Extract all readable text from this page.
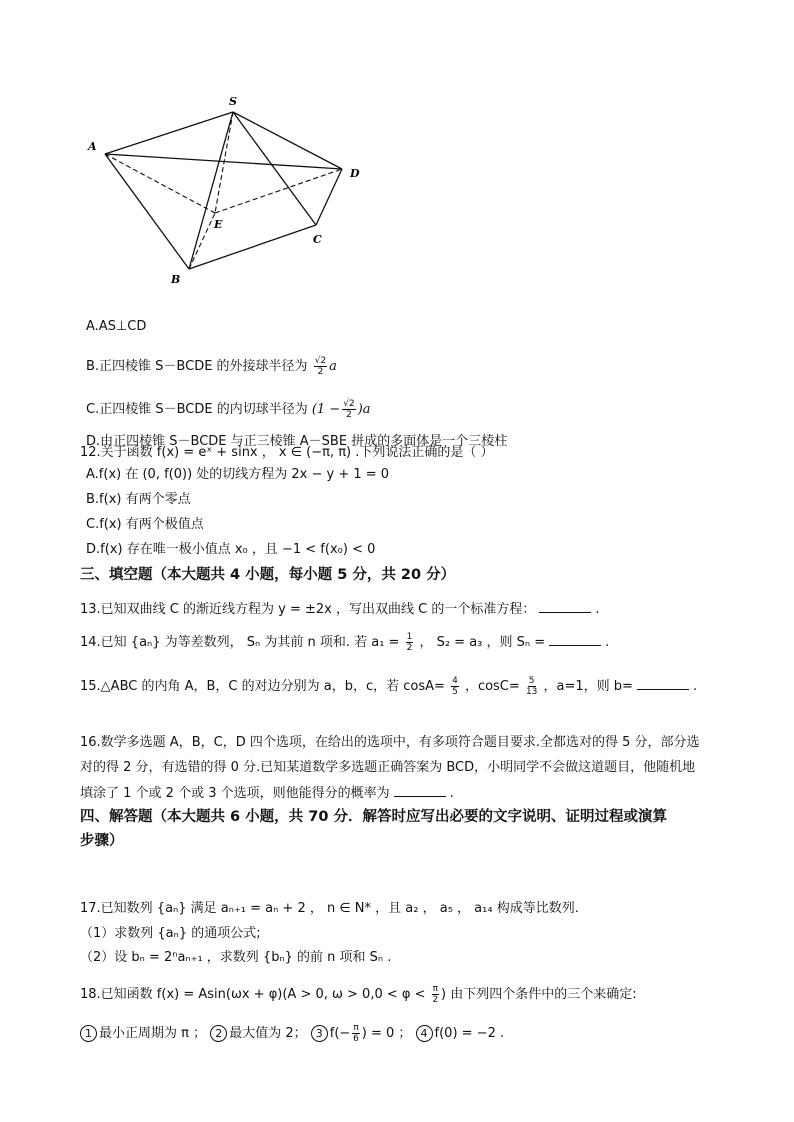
S
A
D
E
C
B
A.AS⊥CD
B.正四棱锥 S－BCDE 的外接球半径为 $\frac{√2}{2}$ a
C.正四棱锥 S－BCDE 的内切球半径为 $(1 - \frac{√2}{2} )a$
D.由正四棱锥 S－BCDE 与正三棱锥 A－SBE 拼成的多面体是一个三棱柱
12.关于函数 f(x) = eˣ + sinx ， x ∈ (−π, π) .下列说法正确的是（ ）
A.f(x) 在 (0, f(0)) 处的切线方程为 2x − y + 1 = 0
B.f(x) 有两个零点
C.f(x) 有两个极值点
D.f(x) 存在唯一极小值点 x₀ ，且 −1 < f(x₀) < 0
三、填空题（本大题共 4 小题，每小题 5 分，共 20 分）
13.已知双曲线 C 的渐近线方程为 y = ±2x ，写出双曲线 C 的一个标准方程：	.
14.已知 {aₙ} 为等差数列， Sₙ 为其前 n 项和. 若 $a_1 = \frac{1}{2}$ ， S₂ = a₃ ，则 Sₙ =	.
15.△ABC 的内角 A，B，C 的对边分别为 a，b，c，若 $\cos A= \frac{4}{5}$ ，$\cos C= \frac{5}{13}$ ，a=1，则 b=	.
16.数学多选题 A，B，C，D 四个选项，在给出的选项中，有多项符合题目要求.全都选对的得 5 分，部分选
对的得 2 分，有选错的得 0 分.已知某道数学多选题正确答案为 BCD，小明同学不会做这道题目，他随机地
填涂了 1 个或 2 个或 3 个选项，则他能得分的概率为	.
四、解答题（本大题共 6 小题，共 70 分．解答时应写出必要的文字说明、证明过程或演算
步骤）
17.已知数列 {aₙ} 满足 aₙ₊₁ = aₙ + 2 ， n ∈ N* ，且 a₂ ， a₅ ， a₁₄ 构成等比数列.
（1）求数列 {aₙ} 的通项公式;
（2）设 bₙ = 2ⁿaₙ₊₁ ，求数列 {bₙ} 的前 n 项和 Sₙ .
18.已知函数 f(x) = Asin(ωx + φ)(A > 0, $\omega > 0,0 < \varphi < \frac{\pi}{2}$ ) 由下列四个条件中的三个来确定:
1 最小正周期为 π ； 2 最大值为 2； 3 $f(- \frac{\pi}{6}$ ) = 0 ； 4 f(0) = −2 .
